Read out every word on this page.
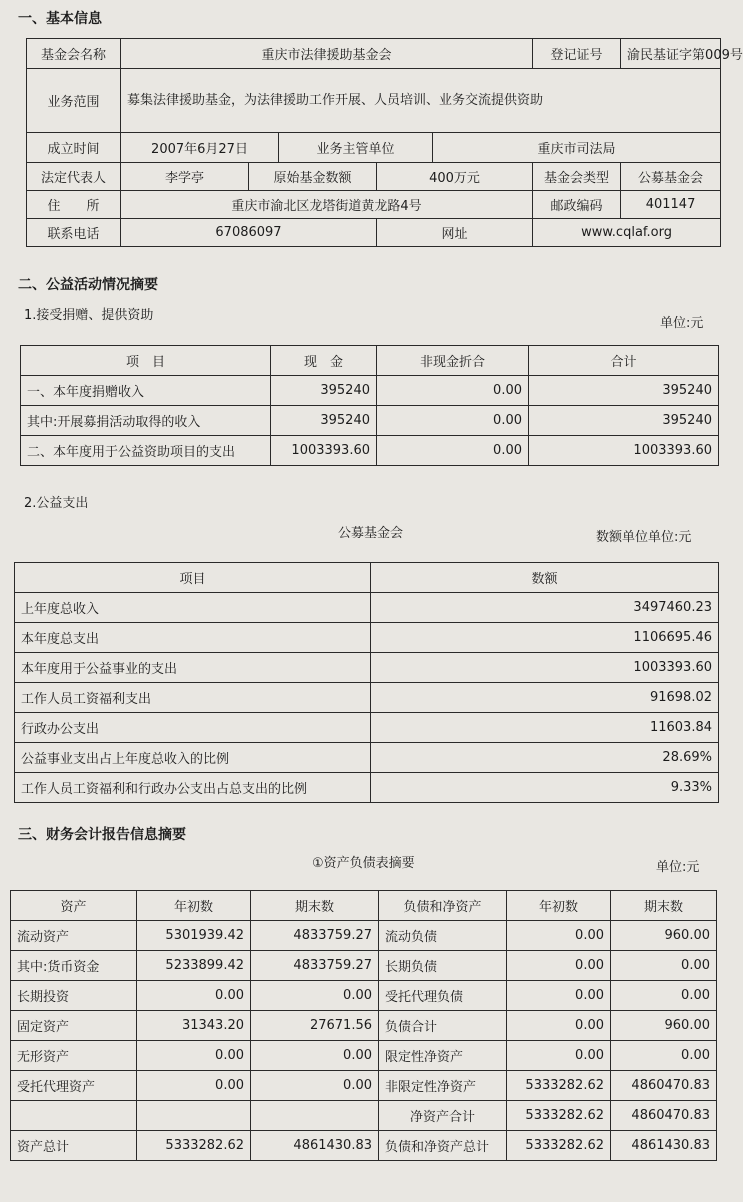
一、基本信息
基金会名称	重庆市法律援助基金会					登记证号	渝民基证字第009号
业务范围	募集法律援助基金，为法律援助工作开展、人员培训、业务交流提供资助						
成立时间	2007年6月27日		业务主管单位		重庆市司法局		
法定代表人	李学亭	原始基金数额		400万元		基金会类型	公募基金会
住　　所	重庆市渝北区龙塔街道黄龙路4号					邮政编码	401147
联系电话	67086097			网址		www.cqlaf.org	
二、公益活动情况摘要
1.接受捐赠、提供资助
单位:元
项　目	现　金	非现金折合	合计
一、本年度捐赠收入	395240	0.00	395240
其中:开展募捐活动取得的收入	395240	0.00	395240
二、本年度用于公益资助项目的支出	1003393.60	0.00	1003393.60
2.公益支出
公募基金会	数额单位单位:元
项目	数额
上年度总收入	3497460.23
本年度总支出	1106695.46
本年度用于公益事业的支出	1003393.60
工作人员工资福利支出	91698.02
行政办公支出	11603.84
公益事业支出占上年度总收入的比例	28.69%
工作人员工资福利和行政办公支出占总支出的比例	9.33%
三、财务会计报告信息摘要
①资产负债表摘要	单位:元
资产	年初数	期末数	负债和净资产	年初数	期末数
流动资产	5301939.42	4833759.27	流动负债	0.00	960.00
其中:货币资金	5233899.42	4833759.27	长期负债	0.00	0.00
长期投资	0.00	0.00	受托代理负债	0.00	0.00
固定资产	31343.20	27671.56	负债合计	0.00	960.00
无形资产	0.00	0.00	限定性净资产	0.00	0.00
受托代理资产	0.00	0.00	非限定性净资产	5333282.62	4860470.83
			净资产合计	5333282.62	4860470.83
资产总计	5333282.62	4861430.83	负债和净资产总计	5333282.62	4861430.83
